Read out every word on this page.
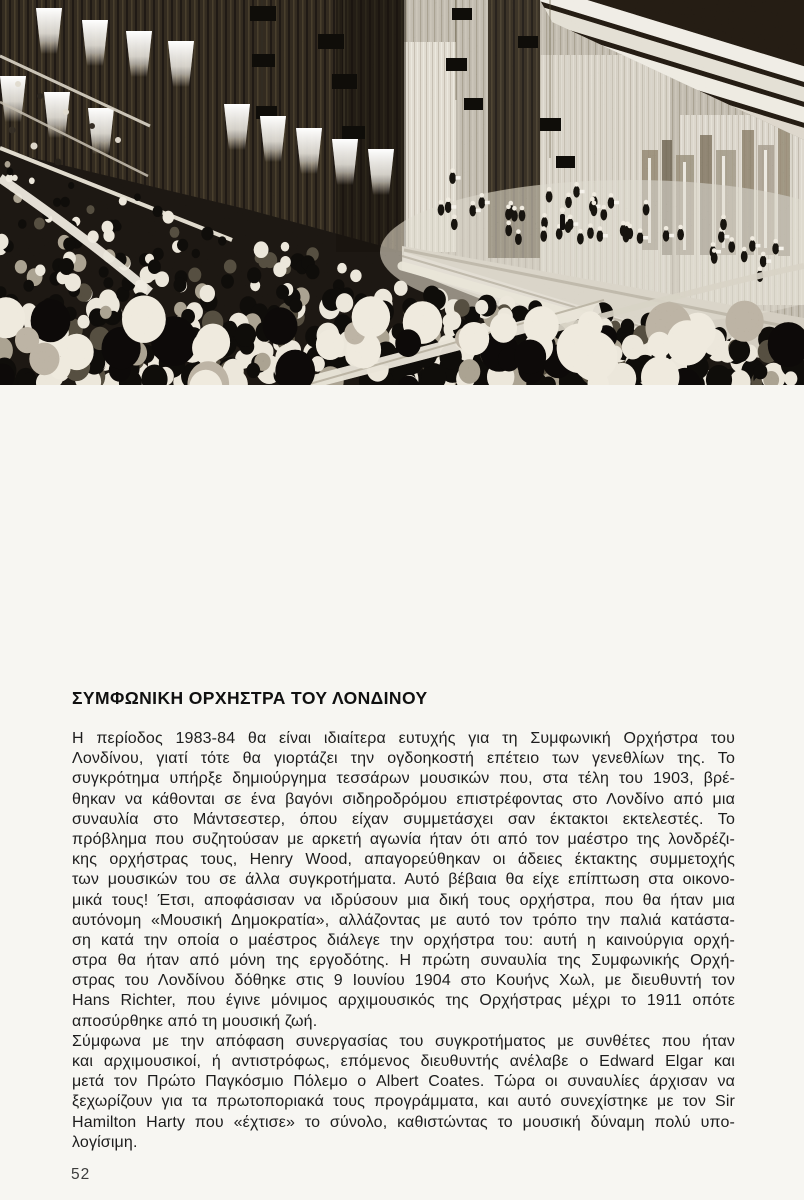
ΣΥΜΦΩΝΙΚΗ ΟΡΧΗΣΤΡΑ ΤΟΥ ΛΟΝΔΙΝΟΥ
Η περίοδος 1983-84 θα είναι ιδιαίτερα ευτυχής για τη Συμφωνική Ορχήστρα του
Λονδίνου, γιατί τότε θα γιορτάζει την ογδοηκοστή επέτειο των γενεθλίων της. Το
συγκρότημα υπήρξε δημιούργημα τεσσάρων μουσικών που, στα τέλη του 1903, βρέ-
θηκαν να κάθονται σε ένα βαγόνι σιδηροδρόμου επιστρέφοντας στο Λονδίνο από μια
συναυλία στο Μάντσεστερ, όπου είχαν συμμετάσχει σαν έκτακτοι εκτελεστές. Το
πρόβλημα που συζητούσαν με αρκετή αγωνία ήταν ότι από τον μαέστρο της λονδρέζι-
κης ορχήστρας τους, Henry Wood, απαγορεύθηκαν οι άδειες έκτακτης συμμετοχής
των μουσικών του σε άλλα συγκροτήματα. Αυτό βέβαια θα είχε επίπτωση στα οικονο-
μικά τους! Έτσι, αποφάσισαν να ιδρύσουν μια δική τους ορχήστρα, που θα ήταν μια
αυτόνομη «Μουσική Δημοκρατία», αλλάζοντας με αυτό τον τρόπο την παλιά κατάστα-
ση κατά την οποία ο μαέστρος διάλεγε την ορχήστρα του: αυτή η καινούργια ορχή-
στρα θα ήταν από μόνη της εργοδότης. Η πρώτη συναυλία της Συμφωνικής Ορχή-
στρας του Λονδίνου δόθηκε στις 9 Ιουνίου 1904 στο Κουήνς Χωλ, με διευθυντή τον
Hans Richter, που έγινε μόνιμος αρχιμουσικός της Ορχήστρας μέχρι το 1911 οπότε
αποσύρθηκε από τη μουσική ζωή.
Σύμφωνα με την απόφαση συνεργασίας του συγκροτήματος με συνθέτες που ήταν
και αρχιμουσικοί, ή αντιστρόφως, επόμενος διευθυντής ανέλαβε ο Edward Elgar και
μετά τον Πρώτο Παγκόσμιο Πόλεμο ο Albert Coates. Τώρα οι συναυλίες άρχισαν να
ξεχωρίζουν για τα πρωτοποριακά τους προγράμματα, και αυτό συνεχίστηκε με τον Sir
Hamilton Harty που «έχτισε» το σύνολο, καθιστώντας το μουσική δύναμη πολύ υπο-
λογίσιμη.
52
